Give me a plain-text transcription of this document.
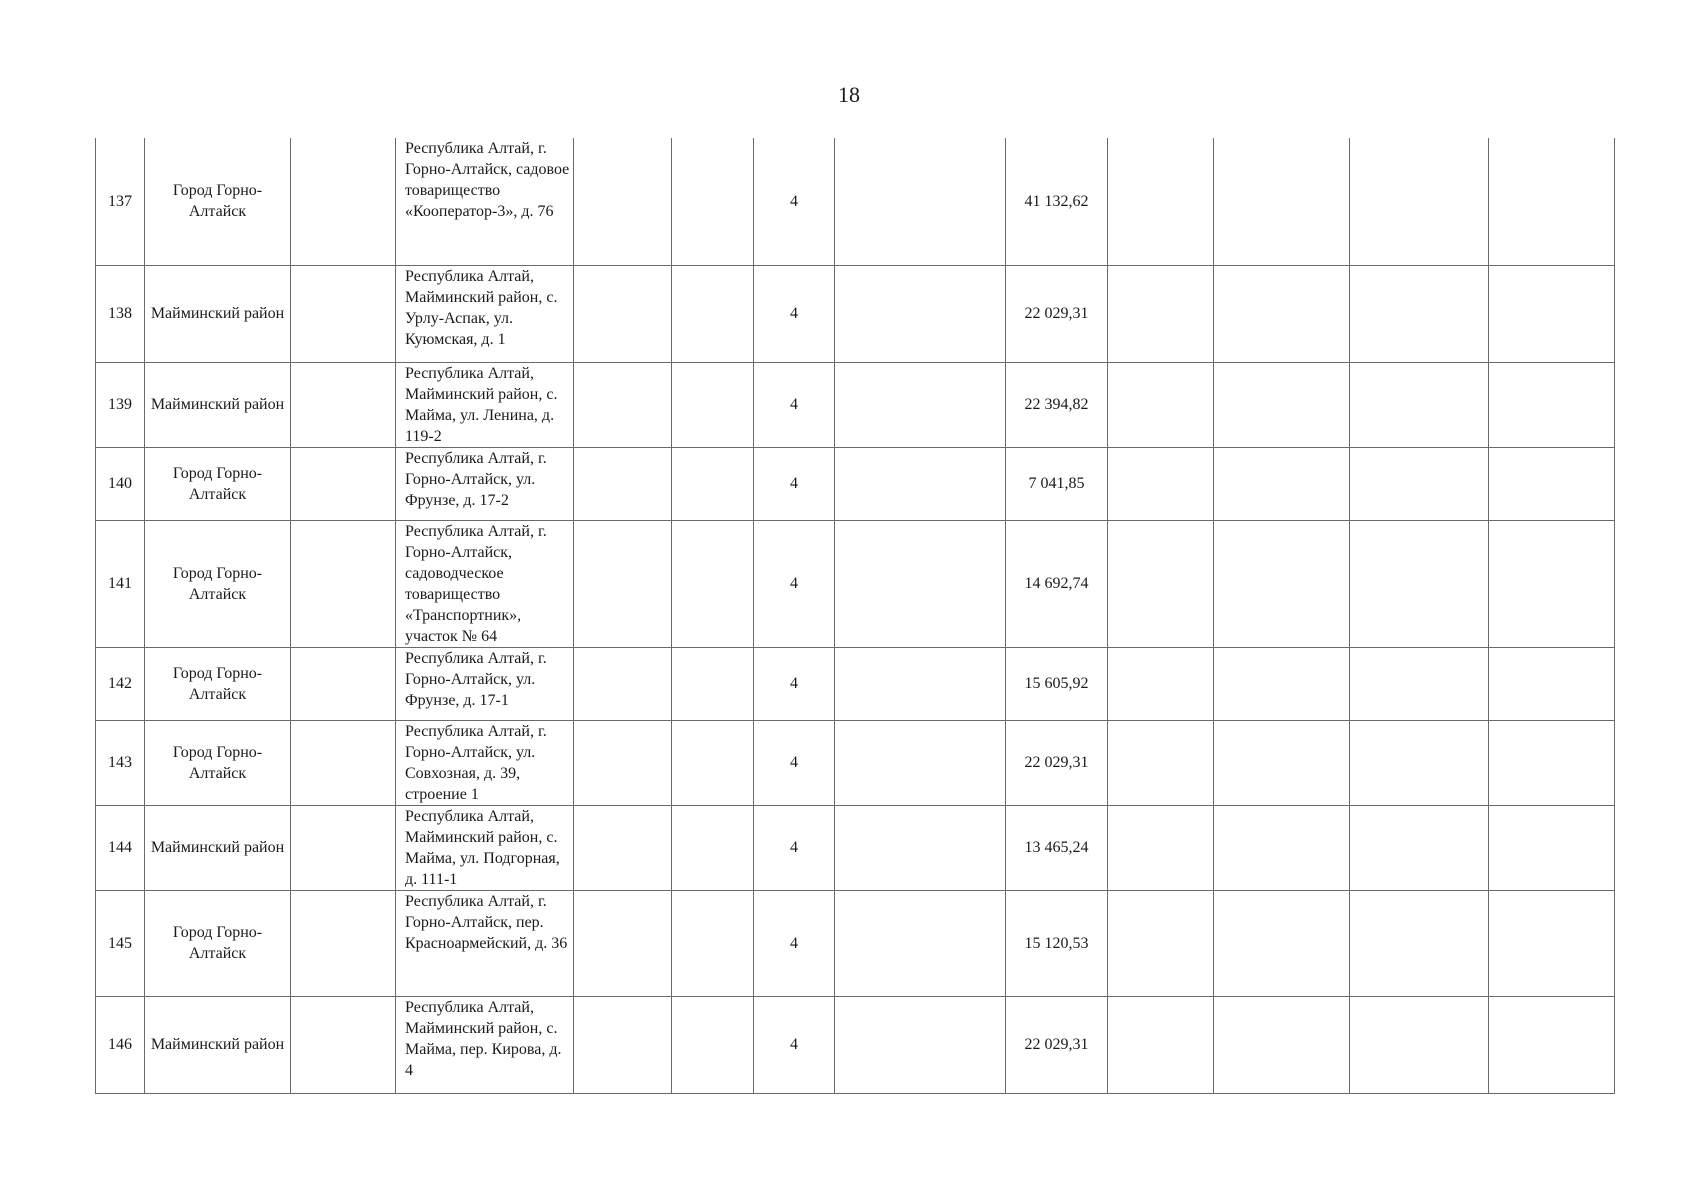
18
137	Город Горно-Алтайск		Республика Алтай, г. Горно-Алтайск, садовое товарищество «Кооператор-3», д. 76			4		41 132,62				
138	Майминский район		Республика Алтай, Майминский район, с. Урлу-Аспак, ул. Куюмская, д. 1			4		22 029,31				
139	Майминский район		Республика Алтай, Майминский район, с. Майма, ул. Ленина, д. 119-2			4		22 394,82				
140	Город Горно-Алтайск		Республика Алтай, г. Горно-Алтайск, ул. Фрунзе, д. 17-2			4		7 041,85				
141	Город Горно-Алтайск		Республика Алтай, г. Горно-Алтайск, садоводческое товарищество «Транспортник», участок № 64			4		14 692,74				
142	Город Горно-Алтайск		Республика Алтай, г. Горно-Алтайск, ул. Фрунзе, д. 17-1			4		15 605,92				
143	Город Горно-Алтайск		Республика Алтай, г. Горно-Алтайск, ул. Совхозная, д. 39, строение 1			4		22 029,31				
144	Майминский район		Республика Алтай, Майминский район, с. Майма, ул. Подгорная, д. 111-1			4		13 465,24				
145	Город Горно-Алтайск		Республика Алтай, г. Горно-Алтайск, пер. Красноармейский, д. 36			4		15 120,53				
146	Майминский район		Республика Алтай, Майминский район, с. Майма, пер. Кирова, д. 4			4		22 029,31				
